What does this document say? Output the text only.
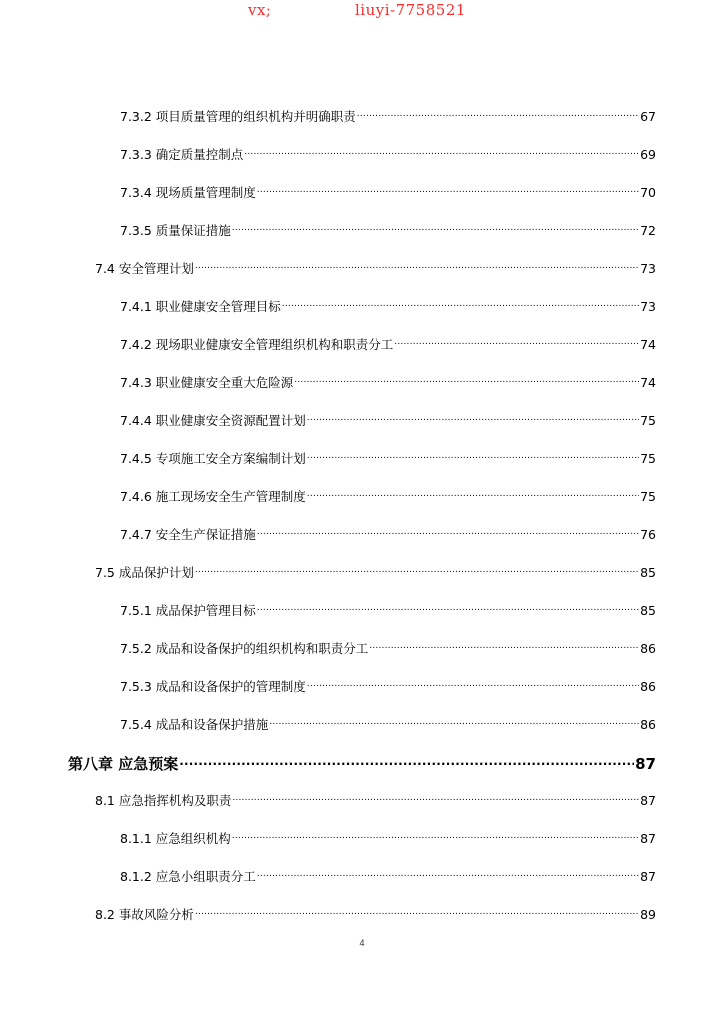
vx;	liuyi-7758521
7.3.2 项目质量管理的组织机构并明确职责 .....	67
7.3.3 确定质量控制点 .....	69
7.3.4 现场质量管理制度 .....	70
7.3.5 质量保证措施 .....	72
7.4 安全管理计划 .....	73
7.4.1 职业健康安全管理目标 .....	73
7.4.2 现场职业健康安全管理组织机构和职责分工 .....	74
7.4.3 职业健康安全重大危险源 .....	74
7.4.4 职业健康安全资源配置计划 .....	75
7.4.5 专项施工安全方案编制计划 .....	75
7.4.6 施工现场安全生产管理制度 .....	75
7.4.7 安全生产保证措施 .....	76
7.5 成品保护计划 .....	85
7.5.1 成品保护管理目标 .....	85
7.5.2 成品和设备保护的组织机构和职责分工 .....	86
7.5.3 成品和设备保护的管理制度 .....	86
7.5.4 成品和设备保护措施 .....	86
第八章 应急预案 .....	87
8.1 应急指挥机构及职责 .....	87
8.1.1 应急组织机构 .....	87
8.1.2 应急小组职责分工 .....	87
8.2 事故风险分析 .....	89
4
